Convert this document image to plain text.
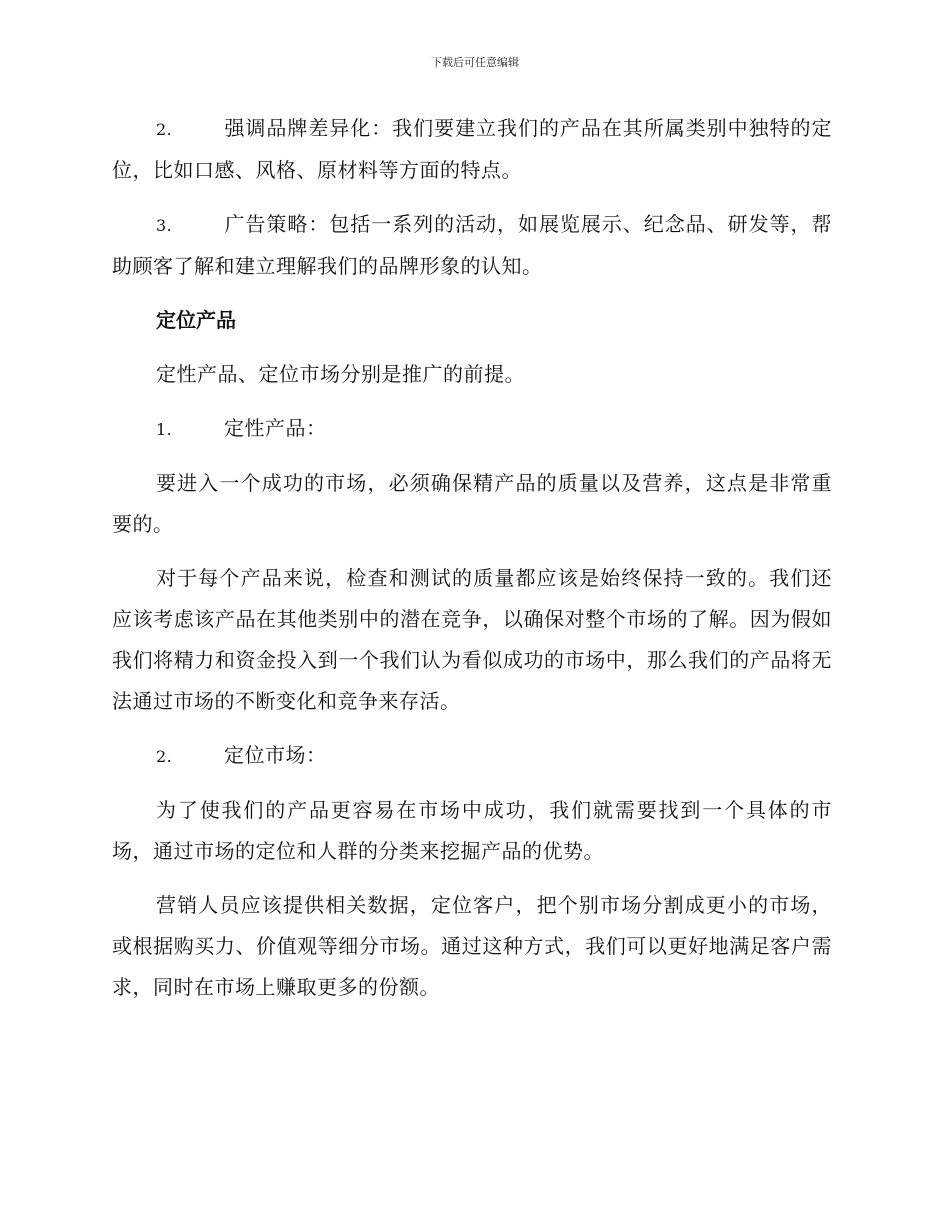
下载后可任意编辑

2.	强调品牌差异化：我们要建立我们的产品在其所属类别中独特的定位，比如口感、风格、原材料等方面的特点。

3.	广告策略：包括一系列的活动，如展览展示、纪念品、研发等，帮助顾客了解和建立理解我们的品牌形象的认知。

定位产品

定性产品、定位市场分别是推广的前提。

1.	定性产品：

要进入一个成功的市场，必须确保精产品的质量以及营养，这点是非常重要的。

对于每个产品来说，检查和测试的质量都应该是始终保持一致的。我们还应该考虑该产品在其他类别中的潜在竞争，以确保对整个市场的了解。因为假如我们将精力和资金投入到一个我们认为看似成功的市场中，那么我们的产品将无法通过市场的不断变化和竞争来存活。

2.	定位市场：

为了使我们的产品更容易在市场中成功，我们就需要找到一个具体的市场，通过市场的定位和人群的分类来挖掘产品的优势。

营销人员应该提供相关数据，定位客户，把个别市场分割成更小的市场，或根据购买力、价值观等细分市场。通过这种方式，我们可以更好地满足客户需求，同时在市场上赚取更多的份额。
